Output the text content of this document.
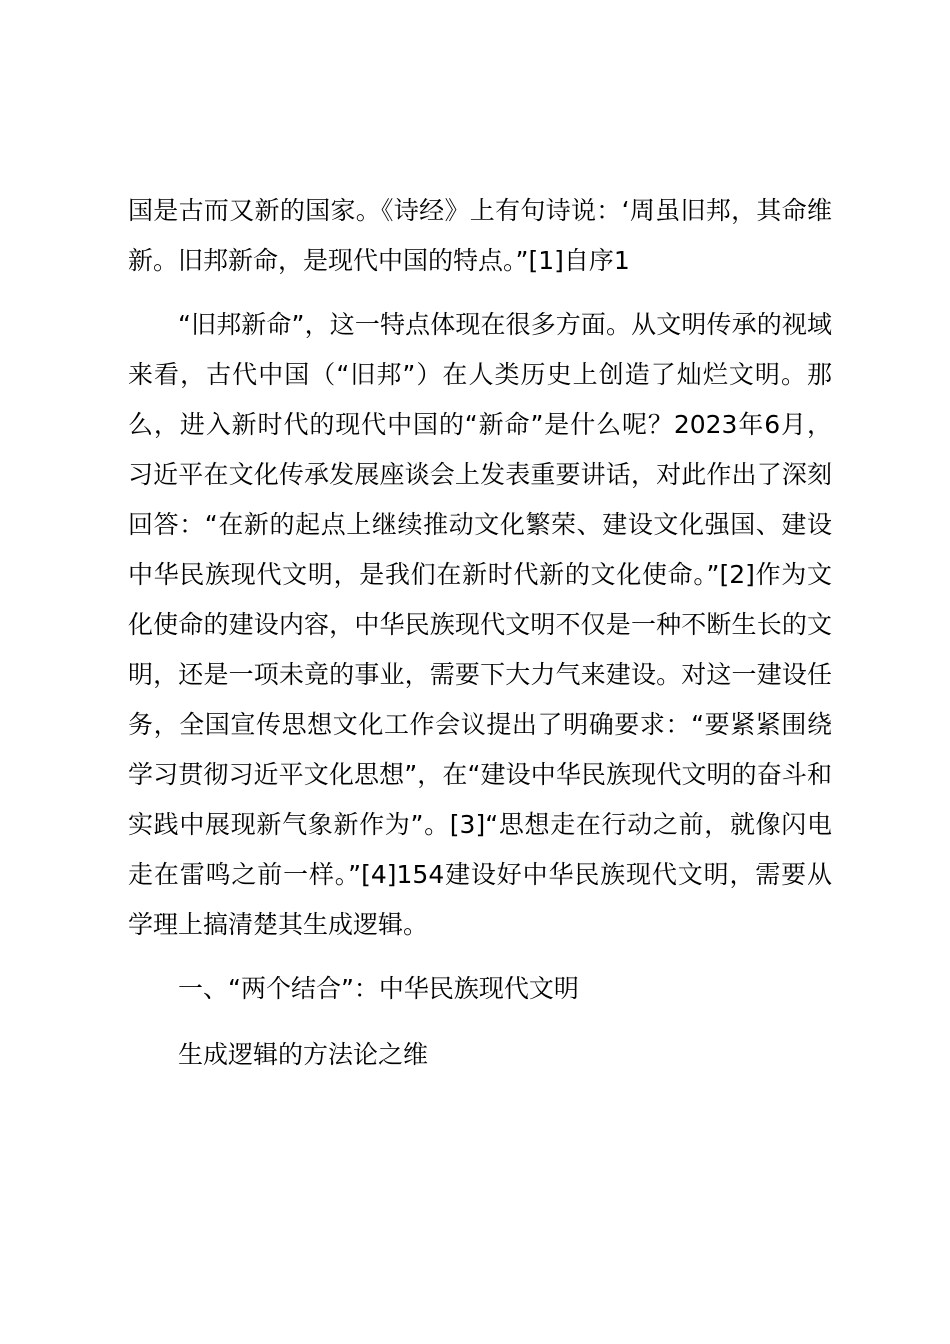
国是古而又新的国家。《诗经》上有句诗说：‘周虽旧邦，其命维新。旧邦新命，是现代中国的特点。”[1]自序1

“旧邦新命”，这一特点体现在很多方面。从文明传承的视域来看，古代中国（“旧邦”）在人类历史上创造了灿烂文明。那么，进入新时代的现代中国的“新命”是什么呢？2023年6月，习近平在文化传承发展座谈会上发表重要讲话，对此作出了深刻回答：“在新的起点上继续推动文化繁荣、建设文化强国、建设中华民族现代文明，是我们在新时代新的文化使命。”[2]作为文化使命的建设内容，中华民族现代文明不仅是一种不断生长的文明，还是一项未竟的事业，需要下大力气来建设。对这一建设任务，全国宣传思想文化工作会议提出了明确要求：“要紧紧围绕学习贯彻习近平文化思想”，在“建设中华民族现代文明的奋斗和实践中展现新气象新作为”。[3]“思想走在行动之前，就像闪电走在雷鸣之前一样。”[4]154建设好中华民族现代文明，需要从学理上搞清楚其生成逻辑。

一、“两个结合”：中华民族现代文明

生成逻辑的方法论之维
